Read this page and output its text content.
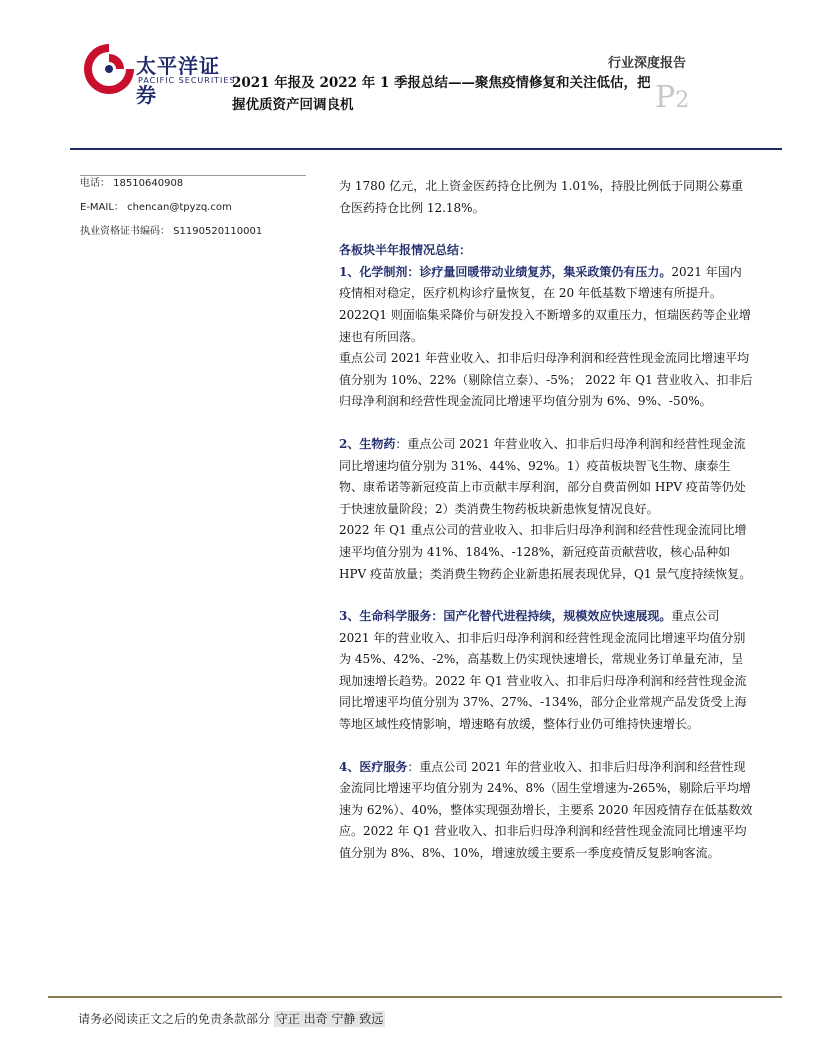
太平洋证券
PACIFIC SECURITIES
行业深度报告
2021 年报及 2022 年 1 季报总结——聚焦疫情修复和关注低估，把握优质资产回调良机	P2
电话： 18510640908
E-MAIL： chencan@tpyzq.com
执业资格证书编码： S1190520110001

为 1780 亿元，北上资金医药持仓比例为 1.01%，持股比例低于同期公募重仓医药持仓比例 12.18%。

各板块半年报情况总结：

1、化学制剂：诊疗量回暖带动业绩复苏，集采政策仍有压力。2021 年国内疫情相对稳定，医疗机构诊疗量恢复，在 20 年低基数下增速有所提升。2022Q1 则面临集采降价与研发投入不断增多的双重压力，恒瑞医药等企业增速也有所回落。

重点公司 2021 年营业收入、扣非后归母净利润和经营性现金流同比增速平均值分别为 10%、22%（剔除信立泰）、-5%； 2022 年 Q1 营业收入、扣非后归母净利润和经营性现金流同比增速平均值分别为 6%、9%、-50%。

2、生物药：重点公司 2021 年营业收入、扣非后归母净利润和经营性现金流同比增速均值分别为 31%、44%、92%。1）疫苗板块智飞生物、康泰生物、康希诺等新冠疫苗上市贡献丰厚利润，部分自费苗例如 HPV 疫苗等仍处于快速放量阶段；2）类消费生物药板块新患恢复情况良好。

2022 年 Q1 重点公司的营业收入、扣非后归母净利润和经营性现金流同比增速平均值分别为 41%、184%、-128%，新冠疫苗贡献营收，核心品种如 HPV 疫苗放量；类消费生物药企业新患拓展表现优异，Q1 景气度持续恢复。

3、生命科学服务：国产化替代进程持续，规模效应快速展现。重点公司 2021 年的营业收入、扣非后归母净利润和经营性现金流同比增速平均值分别为 45%、42%、-2%，高基数上仍实现快速增长，常规业务订单量充沛，呈现加速增长趋势。2022 年 Q1 营业收入、扣非后归母净利润和经营性现金流同比增速平均值分别为 37%、27%、-134%，部分企业常规产品发货受上海等地区域性疫情影响，增速略有放缓，整体行业仍可维持快速增长。

4、医疗服务：重点公司 2021 年的营业收入、扣非后归母净利润和经营性现金流同比增速平均值分别为 24%、8%（固生堂增速为-265%，剔除后平均增速为 62%）、40%，整体实现强劲增长，主要系 2020 年因疫情存在低基数效应。2022 年 Q1 营业收入、扣非后归母净利润和经营性现金流同比增速平均值分别为 8%、8%、10%，增速放缓主要系一季度疫情反复影响客流。

请务必阅读正文之后的免责条款部分 守正 出奇 宁静 致远
